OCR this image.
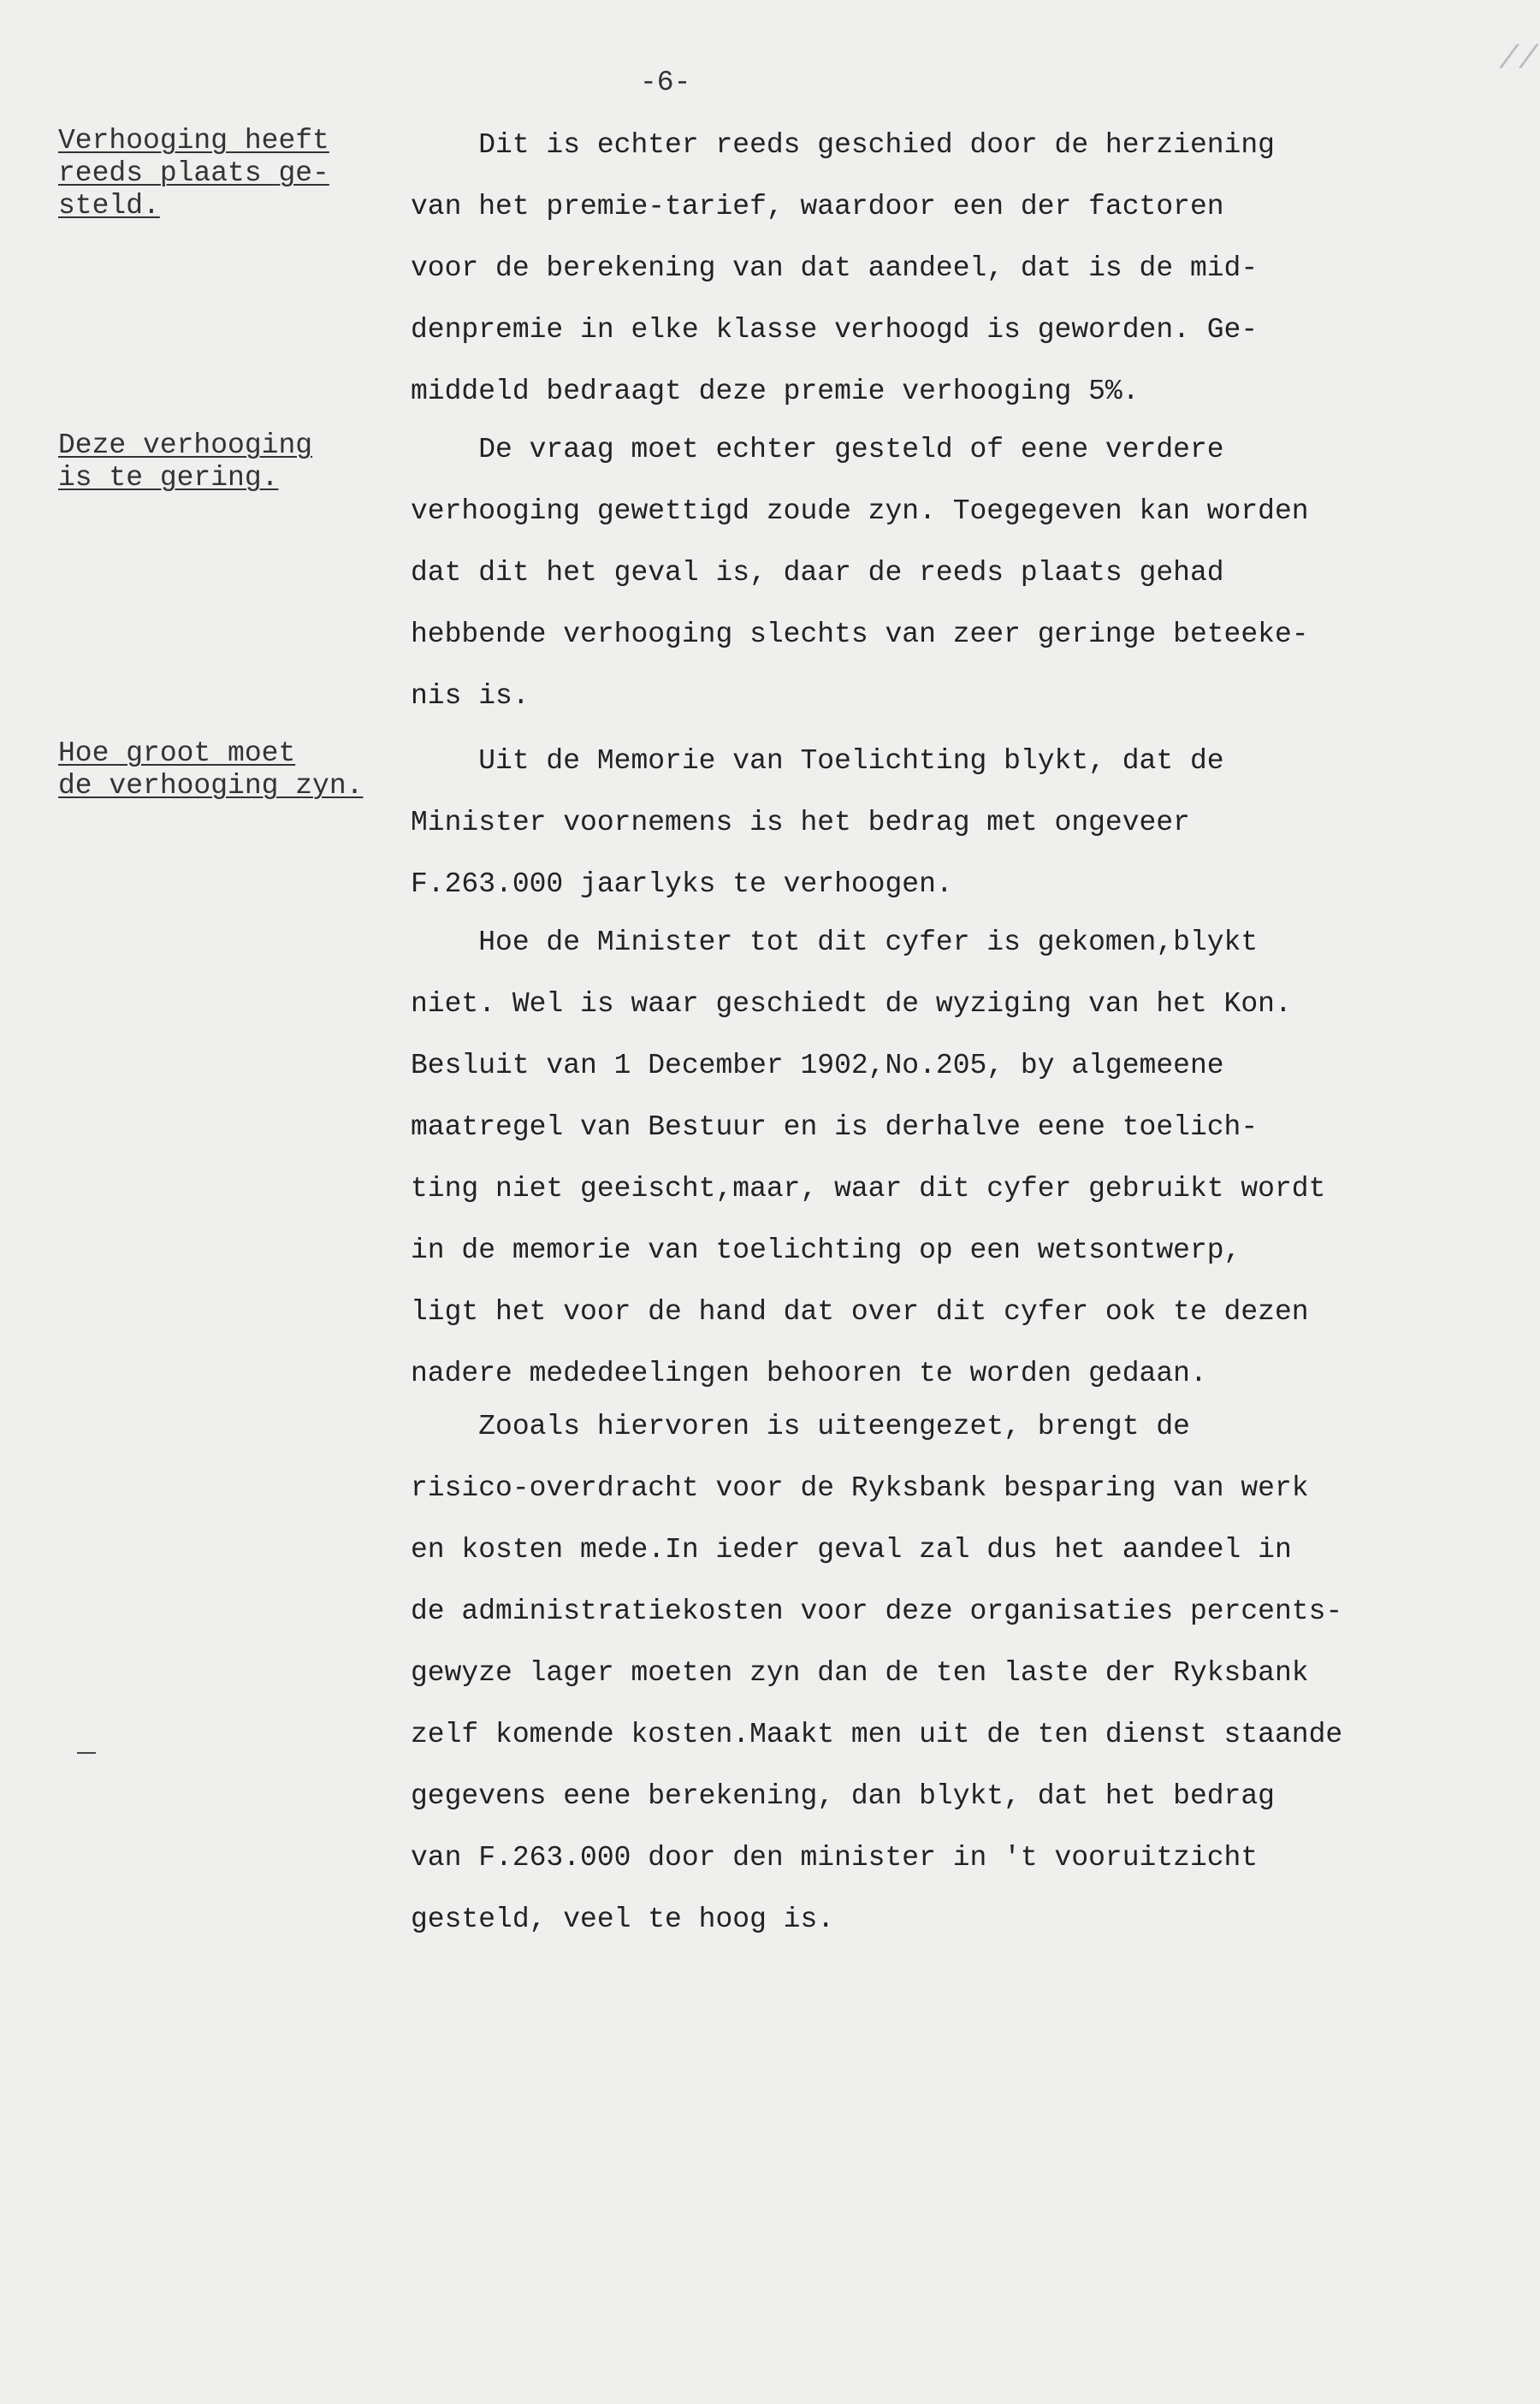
-6-
//
Verhooging heeft
reeds plaats ge-
steld.
Deze verhooging
is te gering.
Hoe groot moet
de verhooging zyn.
Dit is echter reeds geschied door de herziening
van het premie-tarief, waardoor een der factoren
voor de berekening van dat aandeel, dat is de mid-
denpremie in elke klasse verhoogd is geworden. Ge-
middeld bedraagt deze premie verhooging 5%.
De vraag moet echter gesteld of eene verdere
verhooging gewettigd zoude zyn. Toegegeven kan worden
dat dit het geval is, daar de reeds plaats gehad
hebbende verhooging slechts van zeer geringe beteeke-
nis is.
Uit de Memorie van Toelichting blykt, dat de
Minister voornemens is het bedrag met ongeveer
F.263.000 jaarlyks te verhoogen.
Hoe de Minister tot dit cyfer is gekomen,blykt
niet. Wel is waar geschiedt de wyziging van het Kon.
Besluit van 1 December 1902,No.205, by algemeene
maatregel van Bestuur en is derhalve eene toelich-
ting niet geeischt,maar, waar dit cyfer gebruikt wordt
in de memorie van toelichting op een wetsontwerp,
ligt het voor de hand dat over dit cyfer ook te dezen
nadere mededeelingen behooren te worden gedaan.
Zooals hiervoren is uiteengezet, brengt de
risico-overdracht voor de Ryksbank besparing van werk
en kosten mede.In ieder geval zal dus het aandeel in
de administratiekosten voor deze organisaties percents-
gewyze lager moeten zyn dan de ten laste der Ryksbank
zelf komende kosten.Maakt men uit de ten dienst staande
gegevens eene berekening, dan blykt, dat het bedrag
van F.263.000 door den minister in 't vooruitzicht
gesteld, veel te hoog is.
